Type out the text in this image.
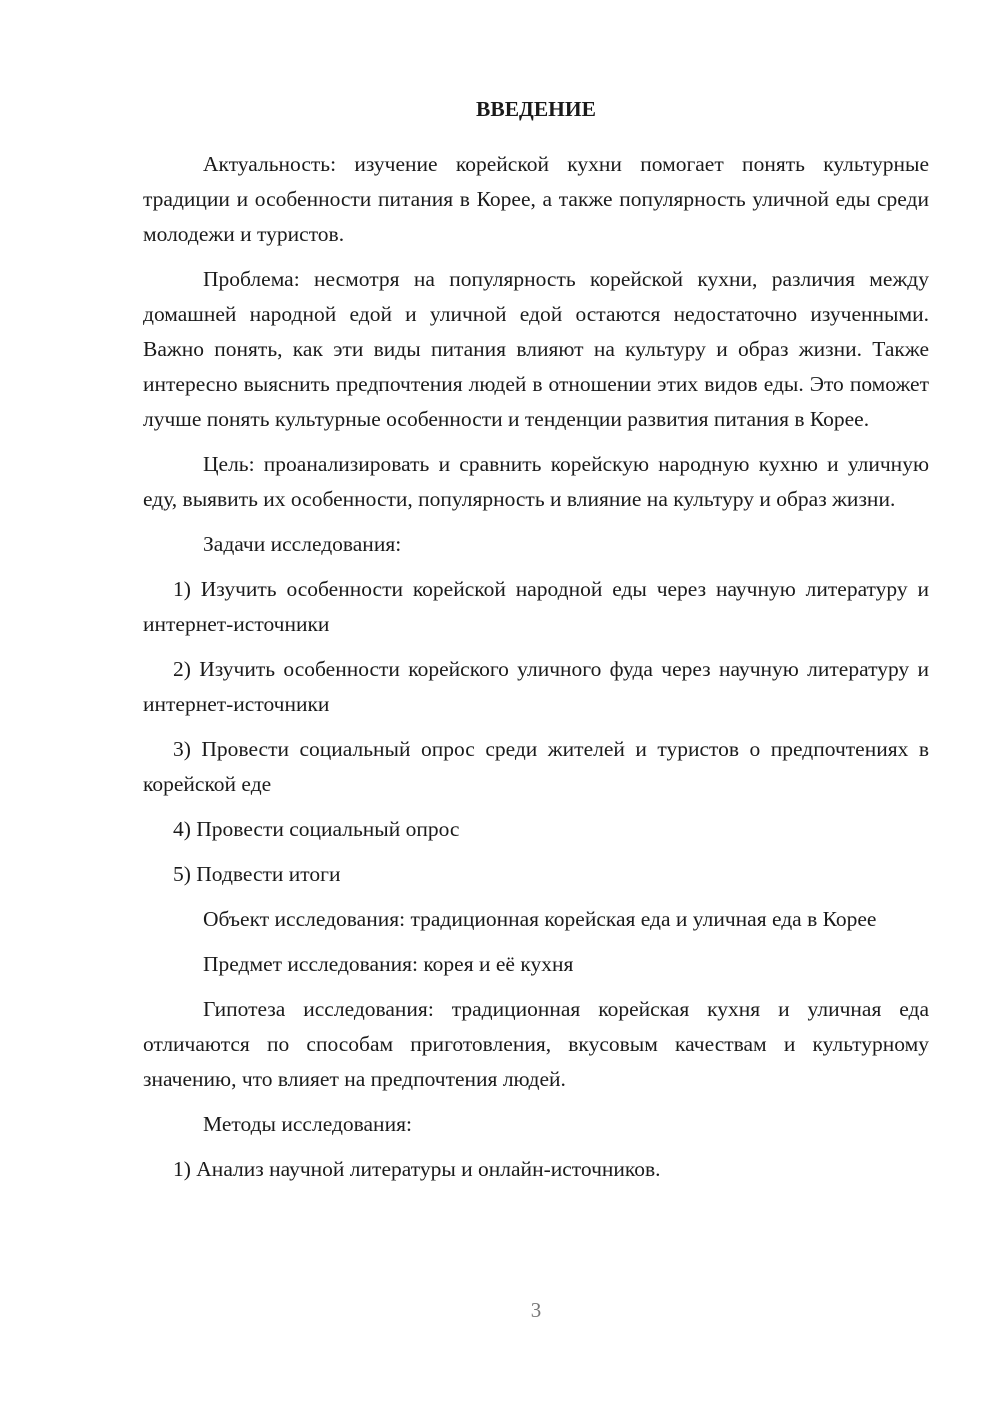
ВВЕДЕНИЕ

Актуальность: изучение корейской кухни помогает понять культурные традиции и особенности питания в Корее, а также популярность уличной еды среди молодежи и туристов.

Проблема: несмотря на популярность корейской кухни, различия между домашней народной едой и уличной едой остаются недостаточно изученными. Важно понять, как эти виды питания влияют на культуру и образ жизни. Также интересно выяснить предпочтения людей в отношении этих видов еды. Это поможет лучше понять культурные особенности и тенденции развития питания в Корее.

Цель: проанализировать и сравнить корейскую народную кухню и уличную еду, выявить их особенности, популярность и влияние на культуру и образ жизни.

Задачи исследования:

1) Изучить особенности корейской народной еды через научную литературу и интернет-источники

2) Изучить особенности корейского уличного фуда через научную литературу и интернет-источники

3) Провести социальный опрос среди жителей и туристов о предпочтениях в корейской еде

4) Провести социальный опрос

5) Подвести итоги

Объект исследования: традиционная корейская еда и уличная еда в Корее

Предмет исследования: корея и её кухня

Гипотеза исследования: традиционная корейская кухня и уличная еда отличаются по способам приготовления, вкусовым качествам и культурному значению, что влияет на предпочтения людей.

Методы исследования:

1) Анализ научной литературы и онлайн-источников.

3
